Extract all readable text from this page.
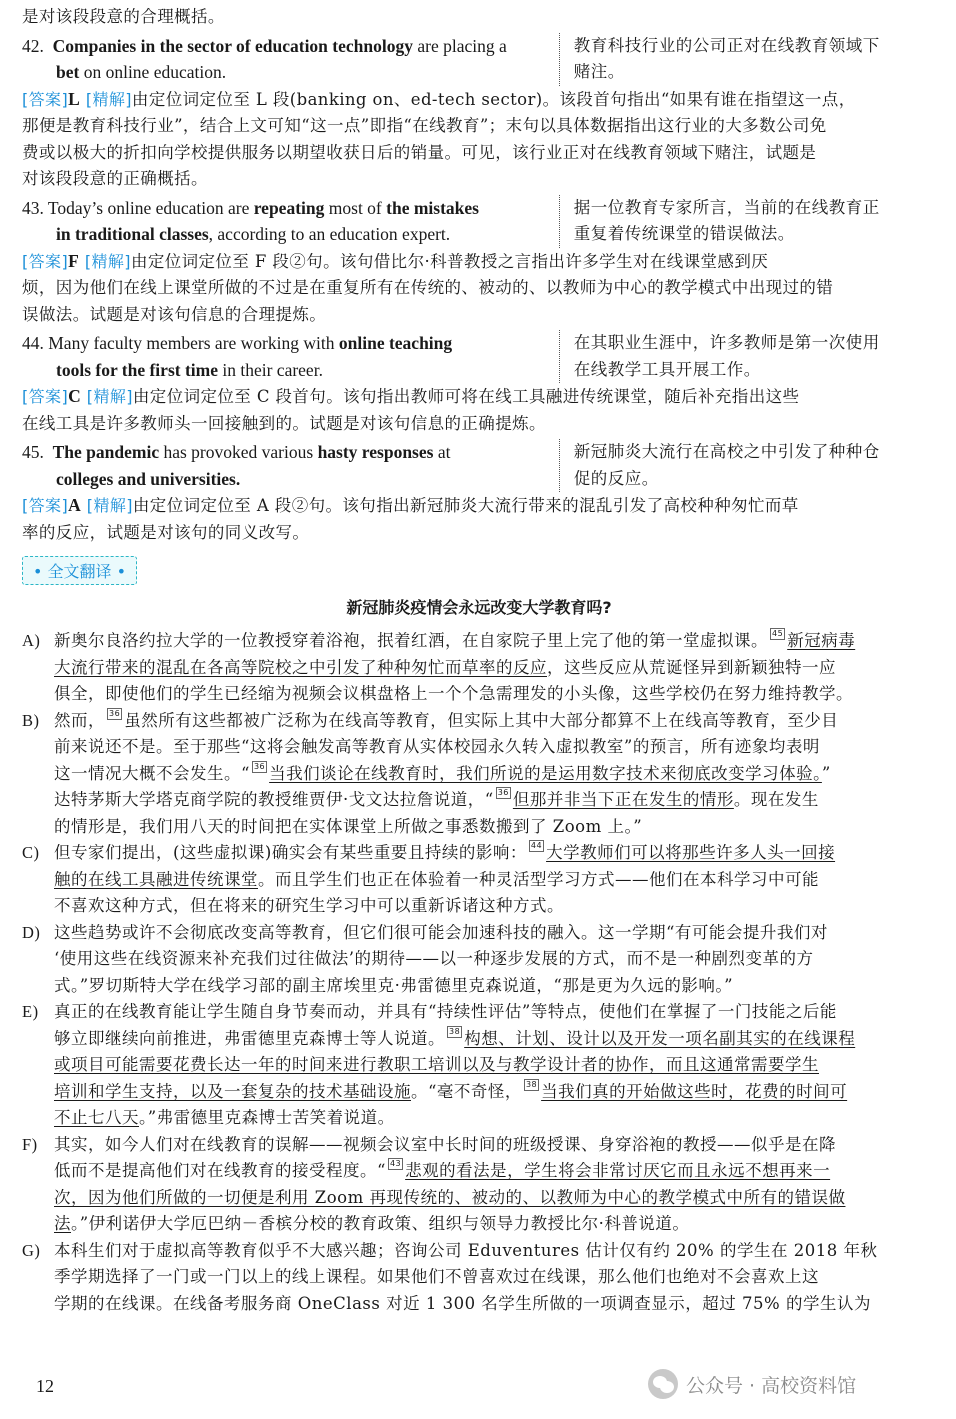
是对该段段意的合理概括。
42. Companies in the sector of education technology are placing a
bet on online education.
教育科技行业的公司正对在线教育领域下
赌注。
[答案]L [精解]由定位词定位至 L 段(banking on、ed-tech sector)。该段首句指出“如果有谁在指望这一点，
那便是教育科技行业”，结合上文可知“这一点”即指“在线教育”；末句以具体数据指出这行业的大多数公司免
费或以极大的折扣向学校提供服务以期望收获日后的销量。可见，该行业正对在线教育领域下赌注，试题是
对该段段意的正确概括。
43. Today’s online education are repeating most of the mistakes
in traditional classes, according to an education expert.
据一位教育专家所言，当前的在线教育正
重复着传统课堂的错误做法。
[答案]F [精解]由定位词定位至 F 段②句。该句借比尔·科普教授之言指出许多学生对在线课堂感到厌
烦，因为他们在线上课堂所做的不过是在重复所有在传统的、被动的、以教师为中心的教学模式中出现过的错
误做法。试题是对该句信息的合理提炼。
44. Many faculty members are working with online teaching
tools for the first time in their career.
在其职业生涯中，许多教师是第一次使用
在线教学工具开展工作。
[答案]C [精解]由定位词定位至 C 段首句。该句指出教师可将在线工具融进传统课堂，随后补充指出这些
在线工具是许多教师头一回接触到的。试题是对该句信息的正确提炼。
45. The pandemic has provoked various hasty responses at
colleges and universities.
新冠肺炎大流行在高校之中引发了种种仓
促的反应。
[答案]A [精解]由定位词定位至 A 段②句。该句指出新冠肺炎大流行带来的混乱引发了高校种种匆忙而草
率的反应，试题是对该句的同义改写。
• 全文翻译 •
新冠肺炎疫情会永远改变大学教育吗?
A) 新奥尔良洛约拉大学的一位教授穿着浴袍，抿着红酒，在自家院子里上完了他的第一堂虚拟课。 45 新冠病毒
大流行带来的混乱在各高等院校之中引发了种种匆忙而草率的反应，这些反应从荒诞怪异到新颖独特一应
俱全，即使他们的学生已经缩为视频会议棋盘格上一个个急需理发的小头像，这些学校仍在努力维持教学。
B) 然而， 36 虽然所有这些都被广泛称为在线高等教育，但实际上其中大部分都算不上在线高等教育，至少目
前来说还不是。至于那些“这将会触发高等教育从实体校园永久转入虚拟教室”的预言，所有迹象均表明
这一情况大概不会发生。“ 36 当我们谈论在线教育时，我们所说的是运用数字技术来彻底改变学习体验。”
达特茅斯大学塔克商学院的教授维贾伊·戈文达拉詹说道，“ 36 但那并非当下正在发生的情形。现在发生
的情形是，我们用八天的时间把在实体课堂上所做之事悉数搬到了 Zoom 上。”
C) 但专家们提出，(这些虚拟课)确实会有某些重要且持续的影响： 44 大学教师们可以将那些许多人头一回接
触的在线工具融进传统课堂。而且学生们也正在体验着一种灵活型学习方式——他们在本科学习中可能
不喜欢这种方式，但在将来的研究生学习中可以重新诉诸这种方式。
D) 这些趋势或许不会彻底改变高等教育，但它们很可能会加速科技的融入。这一学期“有可能会提升我们对
‘使用这些在线资源来补充我们过往做法’的期待——以一种逐步发展的方式，而不是一种剧烈变革的方
式。”罗切斯特大学在线学习部的副主席埃里克·弗雷德里克森说道，“那是更为久远的影响。”
E) 真正的在线教育能让学生随自身节奏而动，并具有“持续性评估”等特点，使他们在掌握了一门技能之后能
够立即继续向前推进，弗雷德里克森博士等人说道。 38 构想、计划、设计以及开发一项名副其实的在线课程
或项目可能需要花费长达一年的时间来进行教职工培训以及与教学设计者的协作，而且这通常需要学生
培训和学生支持，以及一套复杂的技术基础设施。“毫不奇怪， 38 当我们真的开始做这些时，花费的时间可
不止七八天。”弗雷德里克森博士苦笑着说道。
F) 其实，如今人们对在线教育的误解——视频会议室中长时间的班级授课、身穿浴袍的教授——似乎是在降
低而不是提高他们对在线教育的接受程度。“ 43 悲观的看法是，学生将会非常讨厌它而且永远不想再来一
次，因为他们所做的一切便是利用 Zoom 再现传统的、被动的、以教师为中心的教学模式中所有的错误做
法。”伊利诺伊大学厄巴纳－香槟分校的教育政策、组织与领导力教授比尔·科普说道。
G) 本科生们对于虚拟高等教育似乎不大感兴趣；咨询公司 Eduventures 估计仅有约 20% 的学生在 2018 年秋
季学期选择了一门或一门以上的线上课程。如果他们不曾喜欢过在线课，那么他们也绝对不会喜欢上这
学期的在线课。在线备考服务商 OneClass 对近 1 300 名学生所做的一项调查显示，超过 75% 的学生认为
12	公众号 · 高校资料馆
